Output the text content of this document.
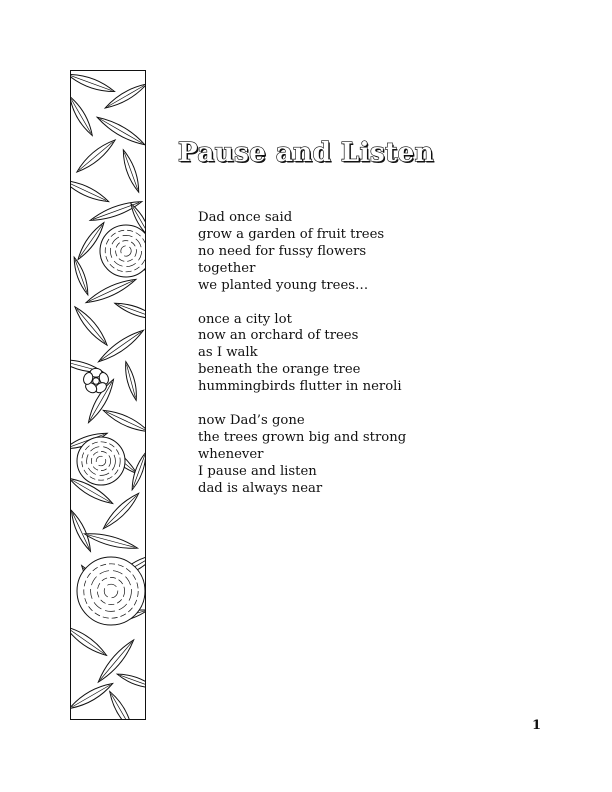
Pause and Listen
Dad once said
grow a garden of fruit trees
no need for fussy flowers
together
we planted young trees…
once a city lot
now an orchard of trees
as I walk
beneath the orange tree
hummingbirds flutter in neroli
now Dad’s gone
the trees grown big and strong
whenever
I pause and listen
dad is always near
1
